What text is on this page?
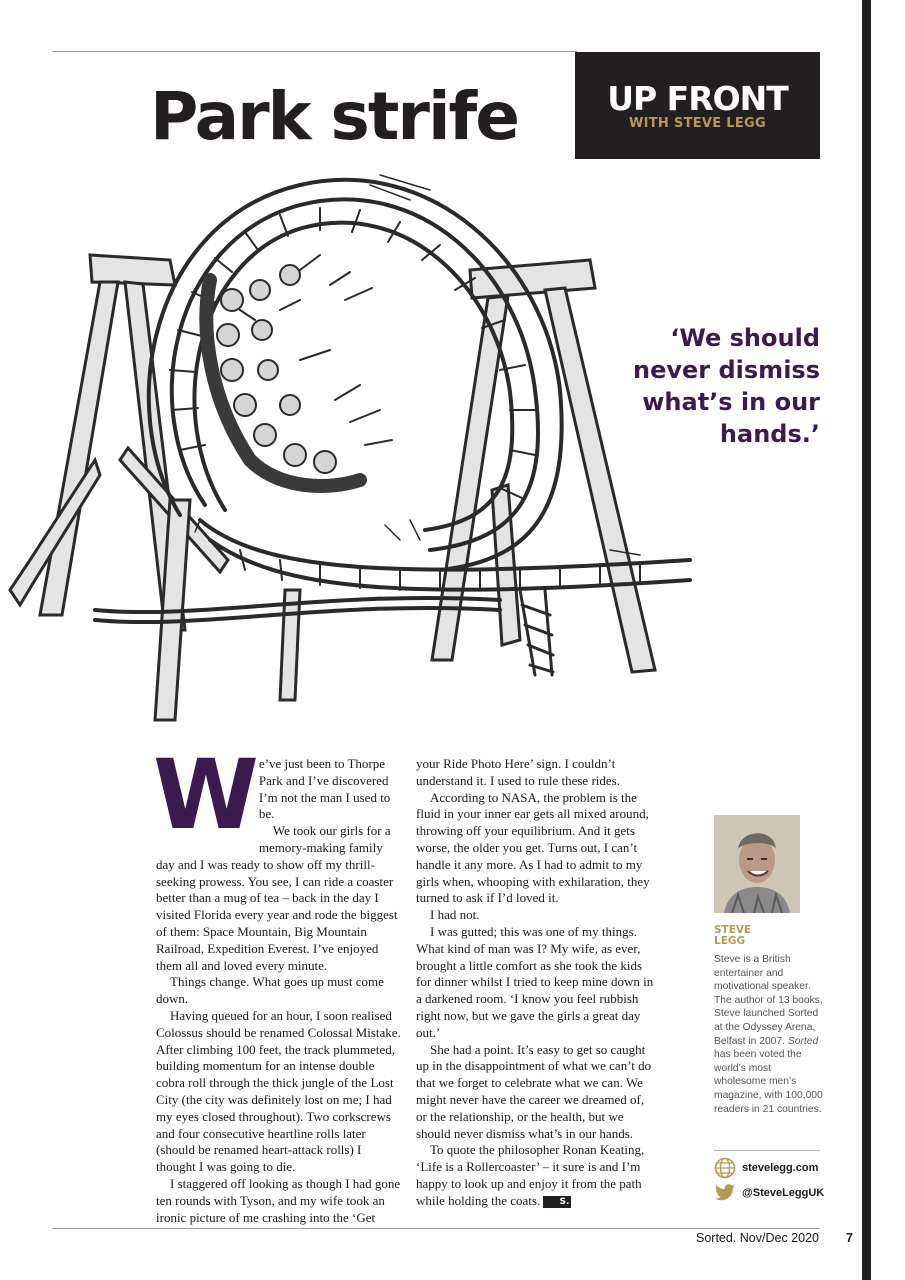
Park strife	UP FRONT
WITH STEVE LEGG

‘We should never dismiss what’s in our hands.’

W e’ve just been to Thorpe Park and I’ve discovered I’m not the man I used to be.

We took our girls for a memory-making family day and I was ready to show off my thrill-seeking prowess. You see, I can ride a coaster better than a mug of tea – back in the day I visited Florida every year and rode the biggest of them: Space Mountain, Big Mountain Railroad, Expedition Everest. I’ve enjoyed them all and loved every minute.

Things change. What goes up must come down.

Having queued for an hour, I soon realised Colossus should be renamed Colossal Mistake. After climbing 100 feet, the track plummeted, building momentum for an intense double cobra roll through the thick jungle of the Lost City (the city was definitely lost on me; I had my eyes closed throughout). Two corkscrews and four consecutive heartline rolls later (should be renamed heart-attack rolls) I thought I was going to die.

I staggered off looking as though I had gone ten rounds with Tyson, and my wife took an ironic picture of me crashing into the ‘Get

your Ride Photo Here’ sign. I couldn’t understand it. I used to rule these rides.

According to NASA, the problem is the fluid in your inner ear gets all mixed around, throwing off your equilibrium. And it gets worse, the older you get. Turns out, I can’t handle it any more. As I had to admit to my girls when, whooping with exhilaration, they turned to ask if I’d loved it.

I had not.

I was gutted; this was one of my things. What kind of man was I? My wife, as ever, brought a little comfort as she took the kids for dinner whilst I tried to keep mine down in a darkened room. ‘I know you feel rubbish right now, but we gave the girls a great day out.’

She had a point. It’s easy to get so caught up in the disappointment of what we can’t do that we forget to celebrate what we can. We might never have the career we dreamed of, or the relationship, or the health, but we should never dismiss what’s in our hands.

To quote the philosopher Ronan Keating, ‘Life is a Rollercoaster’ – it sure is and I’m happy to look up and enjoy it from the path while holding the coats. S.

STEVE
LEGG

Steve is a British entertainer and motivational speaker. The author of 13 books, Steve launched Sorted at the Odyssey Arena, Belfast in 2007. Sorted has been voted the world’s most wholesome men’s magazine, with 100,000 readers in 21 countries.

stevelegg.com
@SteveLeggUK
Sorted. Nov/Dec 2020 7
